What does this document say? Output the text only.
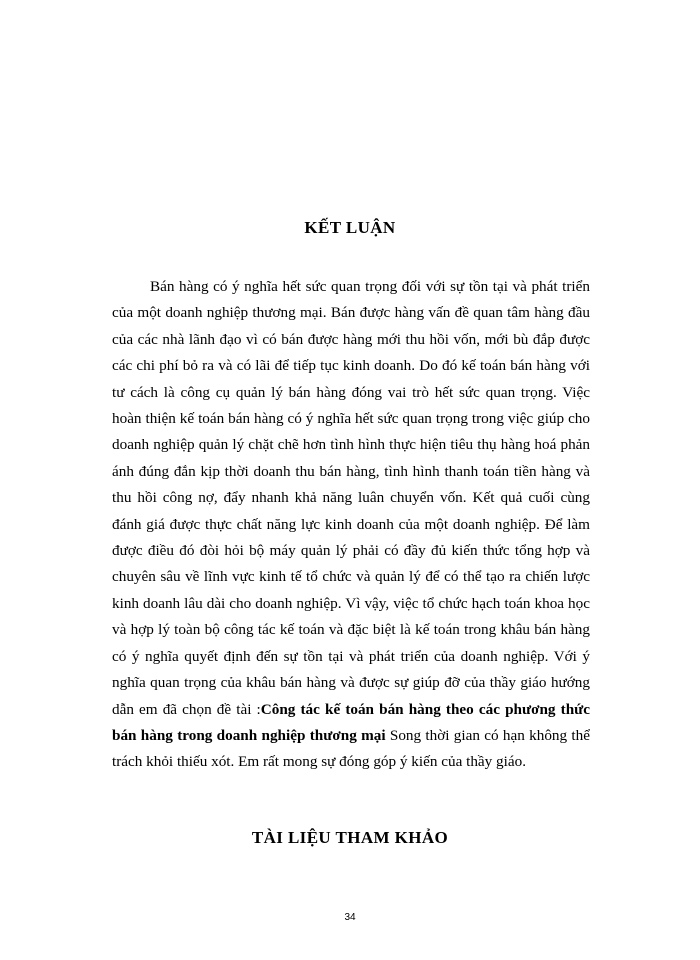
KẾT LUẬN

Bán hàng có ý nghĩa hết sức quan trọng đối với sự tồn tại và phát triển của một doanh nghiệp thương mại. Bán được hàng vấn đề quan tâm hàng đầu của các nhà lãnh đạo vì có bán được hàng mới thu hồi vốn, mới bù đắp được các chi phí bỏ ra và có lãi để tiếp tục kinh doanh. Do đó kế toán bán hàng với tư cách là công cụ quản lý bán hàng đóng vai trò hết sức quan trọng. Việc hoàn thiện kế toán bán hàng có ý nghĩa hết sức quan trọng trong việc giúp cho doanh nghiệp quản lý chặt chẽ hơn tình hình thực hiện tiêu thụ hàng hoá phản ánh đúng đắn kịp thời doanh thu bán hàng, tình hình thanh toán tiền hàng và thu hồi công nợ, đẩy nhanh khả năng luân chuyển vốn. Kết quả cuối cùng đánh giá được thực chất năng lực kinh doanh của một doanh nghiệp. Để làm được điều đó đòi hỏi bộ máy quản lý phải có đầy đủ kiến thức tổng hợp và chuyên sâu về lĩnh vực kinh tế tổ chức và quản lý để có thể tạo ra chiến lược kinh doanh lâu dài cho doanh nghiệp. Vì vậy, việc tổ chức hạch toán khoa học và hợp lý toàn bộ công tác kế toán và đặc biệt là kế toán trong khâu bán hàng có ý nghĩa quyết định đến sự tồn tại và phát triển của doanh nghiệp. Với ý nghĩa quan trọng của khâu bán hàng và được sự giúp đỡ của thầy giáo hướng dẫn em đã chọn đề tài :Công tác kế toán bán hàng theo các phương thức bán hàng trong doanh nghiệp thương mại Song thời gian có hạn không thể trách khỏi thiếu xót. Em rất mong sự đóng góp ý kiến của thầy giáo.

TÀI LIỆU THAM KHẢO
34
